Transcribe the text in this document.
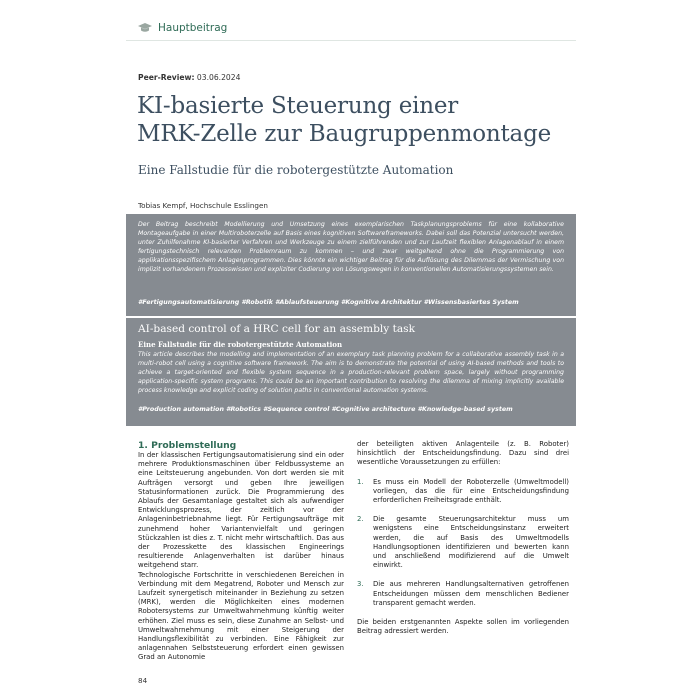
Hauptbeitrag
Peer-Review: 03.06.2024
KI-basierte Steuerung einer
MRK-Zelle zur Baugruppenmontage
Eine Fallstudie für die robotergestützte Automation
Tobias Kempf, Hochschule Esslingen

Der Beitrag beschreibt Modellierung und Umsetzung eines exemplarischen Taskplanungsproblems für eine kollaborative Montageaufgabe in einer Multiroboterzelle auf Basis eines kognitiven Softwareframeworks. Dabei soll das Potenzial untersucht werden, unter Zuhilfenahme KI-basierter Verfahren und Werkzeuge zu einem zielführenden und zur Laufzeit flexiblen Anlagenablauf in einem fertigungstechnisch relevanten Problemraum zu kommen – und zwar weitgehend ohne die Programmierung von applikationsspezifischem Anlagenprogrammen. Dies könnte ein wichtiger Beitrag für die Auflösung des Dilemmas der Vermischung von implizit vorhandenem Prozesswissen und expliziter Codierung von Lösungswegen in konventionellen Automatisierungssystemen sein.

#Fertigungsautomatisierung #Robotik #Ablaufsteuerung #Kognitive Architektur #Wissensbasiertes System
AI-based control of a HRC cell for an assembly task
Eine Fallstudie für die robotergestützte Automation

This article describes the modelling and implementation of an exemplary task planning problem for a collaborative assembly task in a multi-robot cell using a cognitive software framework. The aim is to demonstrate the potential of using AI-based methods and tools to achieve a target-oriented and flexible system sequence in a production-relevant problem space, largely without programming application-specific system programs. This could be an important contribution to resolving the dilemma of mixing implicitly available process knowledge and explicit coding of solution paths in conventional automation systems.

#Production automation #Robotics #Sequence control #Cognitive architecture #Knowledge-based system
1. Problemstellung

In der klassischen Fertigungsautomatisierung sind ein oder mehrere Produktionsmaschinen über Feldbussysteme an eine Leitsteuerung angebunden. Von dort werden sie mit Aufträgen versorgt und geben Ihre jeweiligen Statusinformationen zurück. Die Programmierung des Ablaufs der Gesamtanlage gestaltet sich als aufwendiger Entwicklungsprozess, der zeitlich vor der Anlageninbetriebnahme liegt. Für Fertigungsaufträge mit zunehmend hoher Variantenvielfalt und geringen Stückzahlen ist dies z. T. nicht mehr wirtschaftlich. Das aus der Prozesskette des klassischen Engineerings resultierende Anlagenverhalten ist darüber hinaus weitgehend starr.

Technologische Fortschritte in verschiedenen Bereichen in Verbindung mit dem Megatrend, Roboter und Mensch zur Laufzeit synergetisch miteinander in Beziehung zu setzen (MRK), werden die Möglichkeiten eines modernen Robotersystems zur Umweltwahrnehmung künftig weiter erhöhen. Ziel muss es sein, diese Zunahme an Selbst- und Umweltwahrnehmung mit einer Steigerung der Handlungsflexibilität zu verbinden. Eine Fähigkeit zur anlagennahen Selbststeuerung erfordert einen gewissen Grad an Autonomie

der beteiligten aktiven Anlagenteile (z. B. Roboter) hinsichtlich der Entscheidungsfindung. Dazu sind drei wesentliche Voraussetzungen zu erfüllen:

1. Es muss ein Modell der Roboterzelle (Umweltmodell) vorliegen, das die für eine Entscheidungsfindung erforderlichen Freiheitsgrade enthält.
2. Die gesamte Steuerungsarchitektur muss um wenigstens eine Entscheidungsinstanz erweitert werden, die auf Basis des Umweltmodells Handlungsoptionen identifizieren und bewerten kann und anschließend modifizierend auf die Umwelt einwirkt.
3. Die aus mehreren Handlungsalternativen getroffenen Entscheidungen müssen dem menschlichen Bediener transparent gemacht werden.

Die beiden erstgenannten Aspekte sollen im vorliegenden Beitrag adressiert werden.

84
